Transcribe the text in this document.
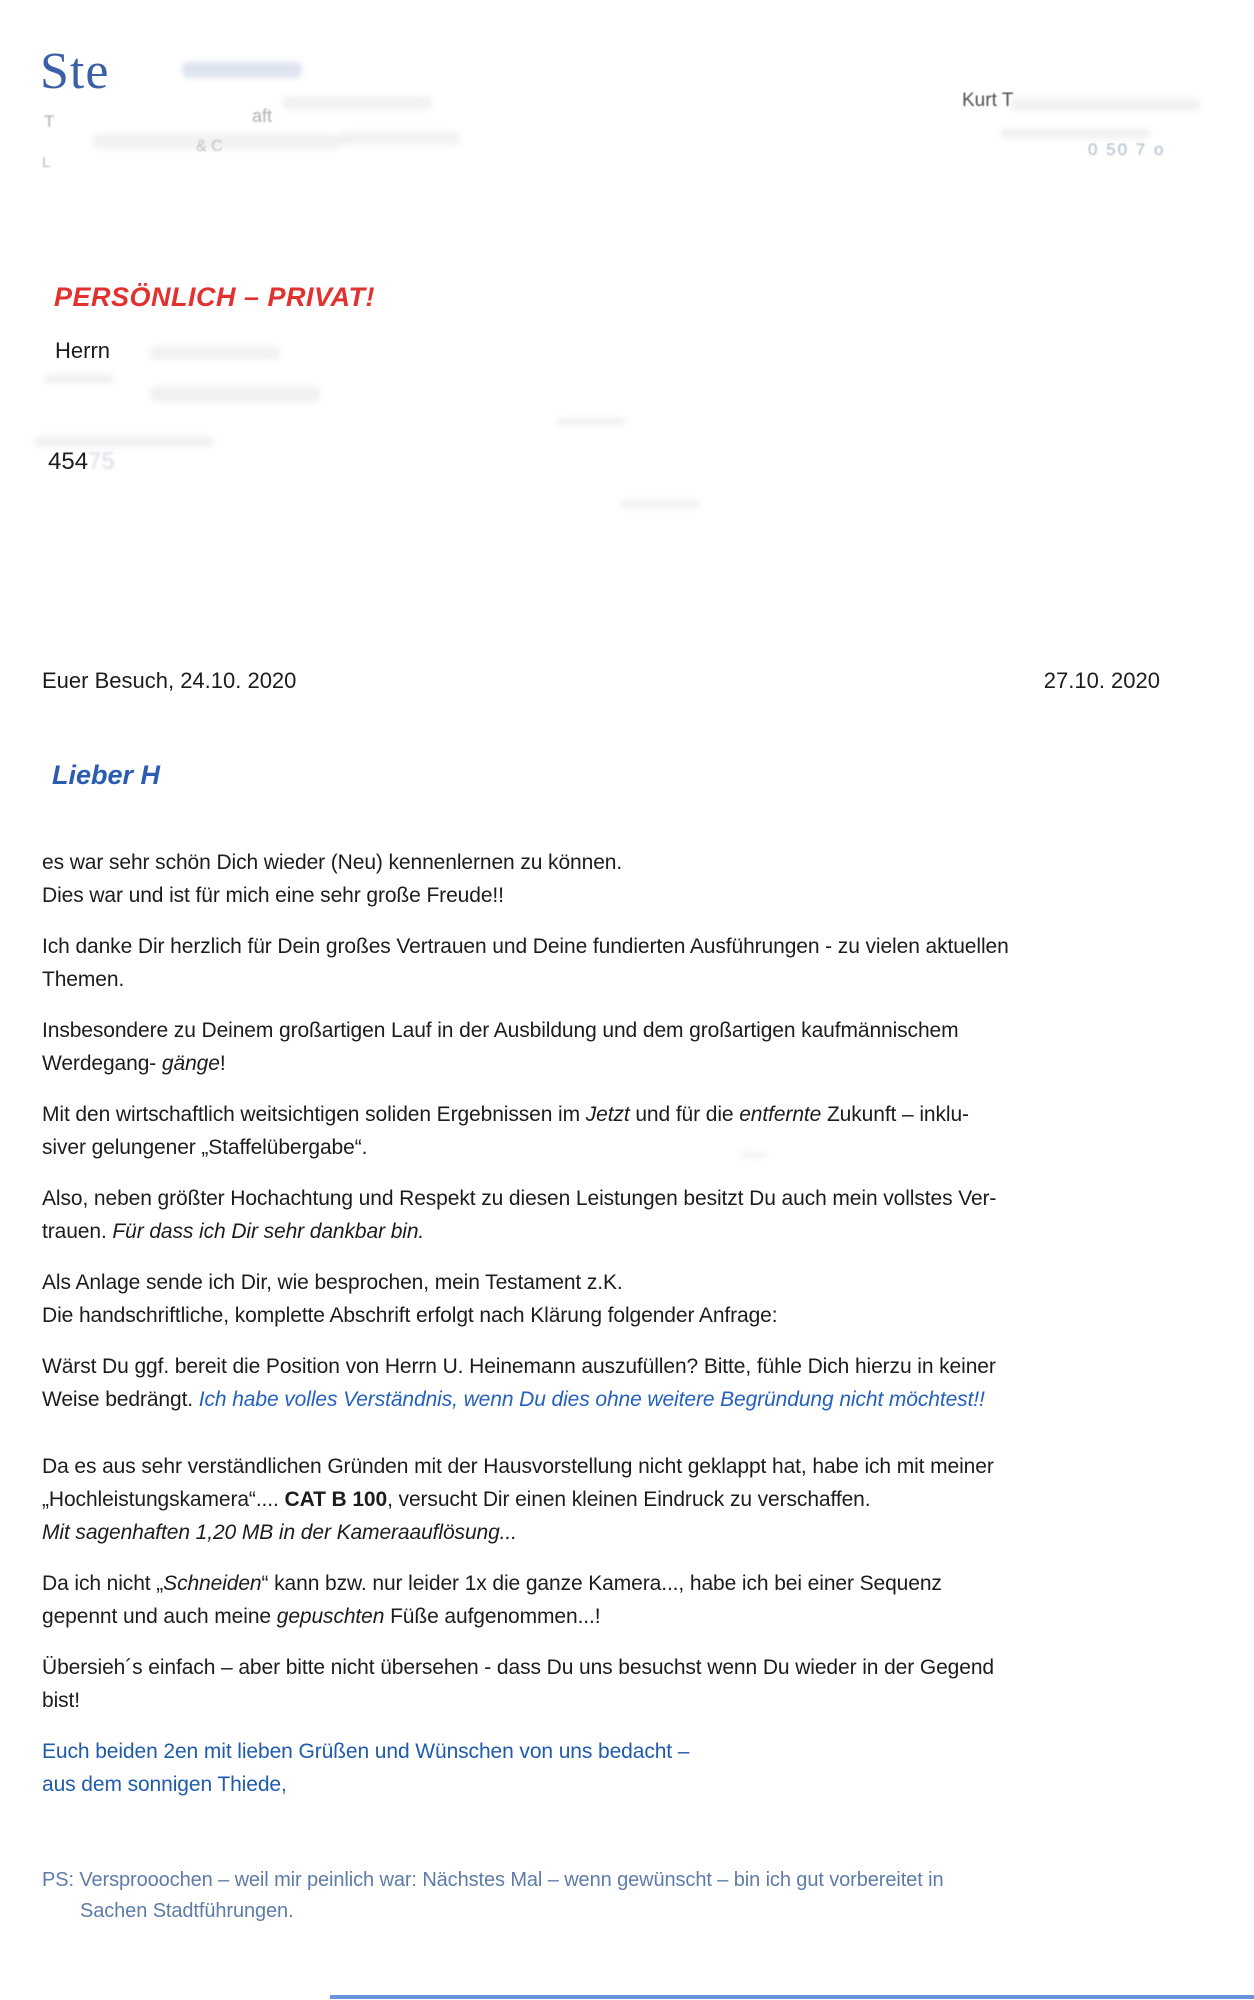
Ste
T	aft
& C
L
Kurt T
0 50 7 o
PERSÖNLICH – PRIVAT!
Herrn
45475
Euer Besuch, 24.10. 2020	27.10. 2020
Lieber H

es war sehr schön Dich wieder (Neu) kennenlernen zu können.
Dies war und ist für mich eine sehr große Freude!!

Ich danke Dir herzlich für Dein großes Vertrauen und Deine fundierten Ausführungen - zu vielen aktuellen
Themen.

Insbesondere zu Deinem großartigen Lauf in der Ausbildung und dem großartigen kaufmännischem
Werdegang- gänge!

Mit den wirtschaftlich weitsichtigen soliden Ergebnissen im Jetzt und für die entfernte Zukunft – inklu-
siver gelungener „Staffelübergabe“.

Also, neben größter Hochachtung und Respekt zu diesen Leistungen besitzt Du auch mein vollstes Ver-
trauen. Für dass ich Dir sehr dankbar bin.

Als Anlage sende ich Dir, wie besprochen, mein Testament z.K.
Die handschriftliche, komplette Abschrift erfolgt nach Klärung folgender Anfrage:

Wärst Du ggf. bereit die Position von Herrn U. Heinemann auszufüllen? Bitte, fühle Dich hierzu in keiner
Weise bedrängt. Ich habe volles Verständnis, wenn Du dies ohne weitere Begründung nicht möchtest!!

Da es aus sehr verständlichen Gründen mit der Hausvorstellung nicht geklappt hat, habe ich mit meiner
„Hochleistungskamera“.... CAT B 100, versucht Dir einen kleinen Eindruck zu verschaffen.
Mit sagenhaften 1,20 MB in der Kameraauflösung...

Da ich nicht „Schneiden“ kann bzw. nur leider 1x die ganze Kamera..., habe ich bei einer Sequenz
gepennt und auch meine gepuschten Füße aufgenommen...!

Übersieh´s einfach – aber bitte nicht übersehen - dass Du uns besuchst wenn Du wieder in der Gegend
bist!

Euch beiden 2en mit lieben Grüßen und Wünschen von uns bedacht –
aus dem sonnigen Thiede,

PS: Versprooochen – weil mir peinlich war: Nächstes Mal – wenn gewünscht – bin ich gut vorbereitet in
Sachen Stadtführungen.
